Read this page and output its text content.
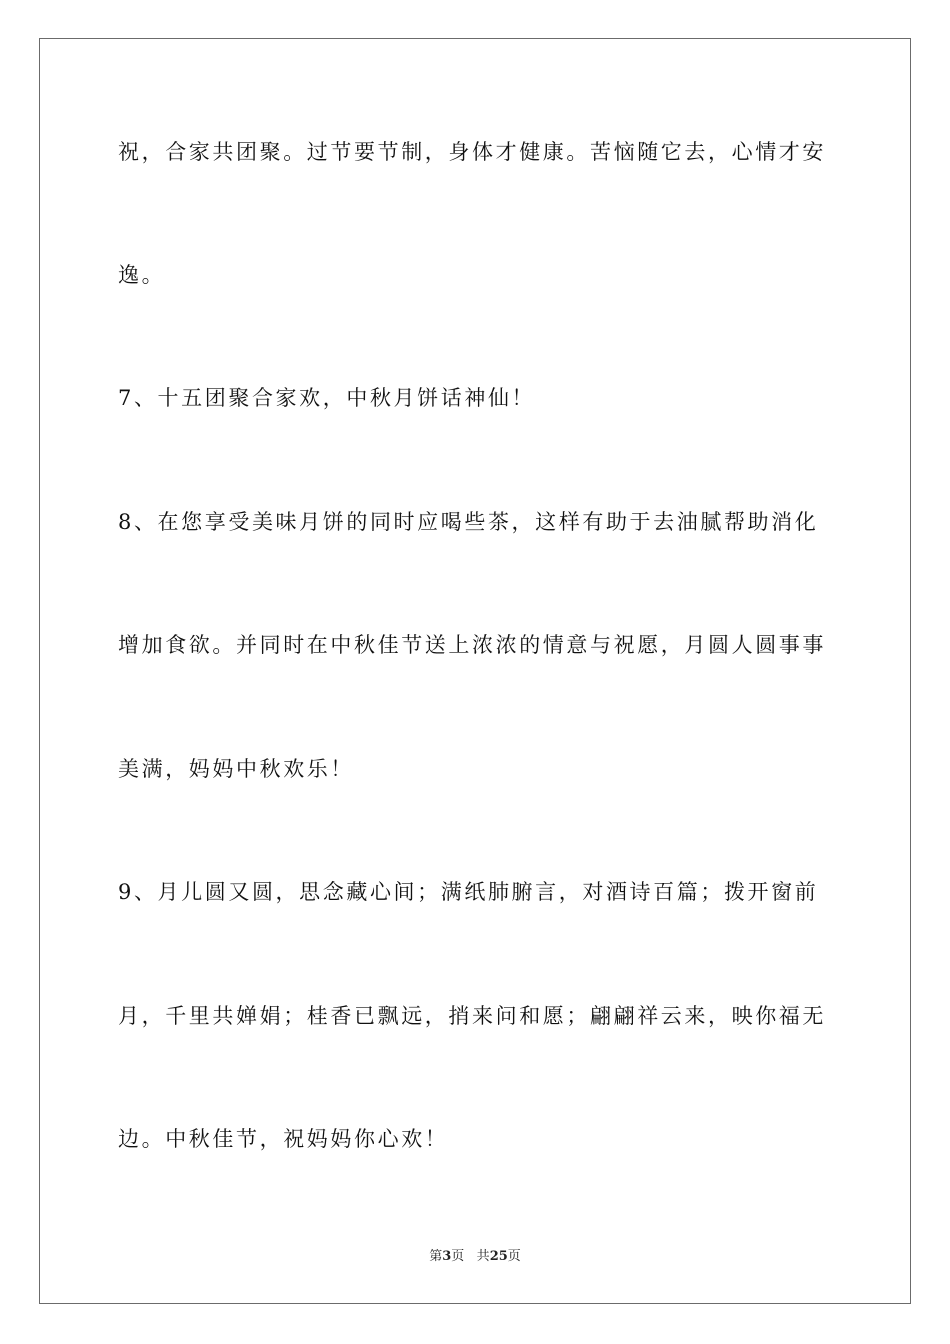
祝，合家共团聚。过节要节制，身体才健康。苦恼随它去，心情才安
逸。
7、十五团聚合家欢，中秋月饼话神仙！
8、在您享受美味月饼的同时应喝些茶，这样有助于去油腻帮助消化
增加食欲。并同时在中秋佳节送上浓浓的情意与祝愿，月圆人圆事事
美满，妈妈中秋欢乐！
9、月儿圆又圆，思念藏心间；满纸肺腑言，对酒诗百篇；拨开窗前
月，千里共婵娟；桂香已飘远，捎来问和愿；翩翩祥云来，映你福无
边。中秋佳节，祝妈妈你心欢！
第3页 共25页
